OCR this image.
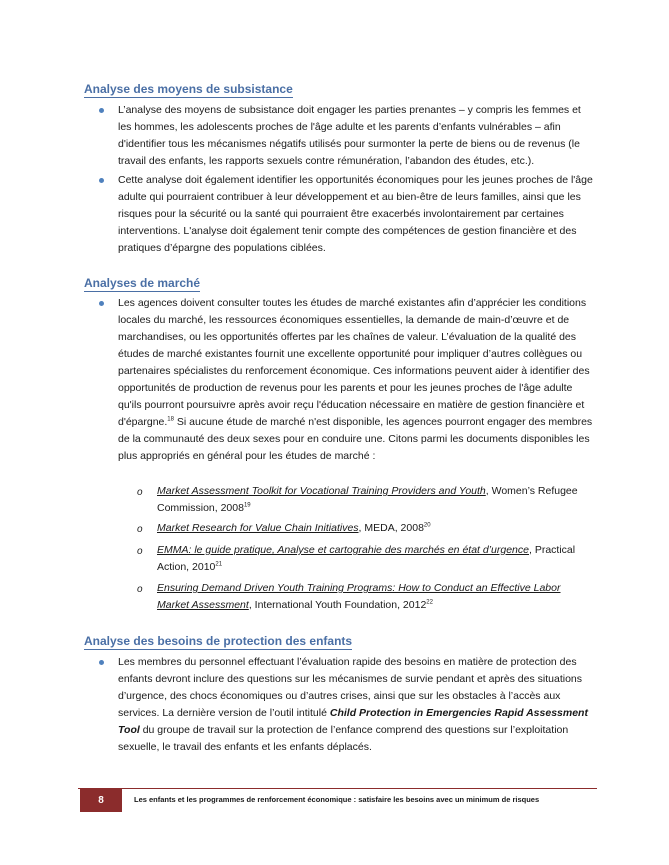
Analyse des moyens de subsistance

L’analyse des moyens de subsistance doit engager les parties prenantes – y compris les femmes et les hommes, les adolescents proches de l'âge adulte et les parents d’enfants vulnérables – afin d'identifier tous les mécanismes négatifs utilisés pour surmonter la perte de biens ou de revenus (le travail des enfants, les rapports sexuels contre rémunération, l’abandon des études, etc.).

Cette analyse doit également identifier les opportunités économiques pour les jeunes proches de l'âge adulte qui pourraient contribuer à leur développement et au bien-être de leurs familles, ainsi que les risques pour la sécurité ou la santé qui pourraient être exacerbés involontairement par certaines interventions. L'analyse doit également tenir compte des compétences de gestion financière et des pratiques d’épargne des populations ciblées.

Analyses de marché

Les agences doivent consulter toutes les études de marché existantes afin d’apprécier les conditions locales du marché, les ressources économiques essentielles, la demande de main-d’œuvre et de marchandises, ou les opportunités offertes par les chaînes de valeur. L’évaluation de la qualité des études de marché existantes fournit une excellente opportunité pour impliquer d’autres collègues ou partenaires spécialistes du renforcement économique. Ces informations peuvent aider à identifier des opportunités de production de revenus pour les parents et pour les jeunes proches de l'âge adulte qu'ils pourront poursuivre après avoir reçu l'éducation nécessaire en matière de gestion financière et d'épargne.$^{18}$ Si aucune étude de marché n'est disponible, les agences pourront engager des membres de la communauté des deux sexes pour en conduire une. Citons parmi les documents disponibles les plus appropriés en général pour les études de marché :

o Market Assessment Toolkit for Vocational Training Providers and Youth, Women’s Refugee Commission, 2008$^{19}$
o Market Research for Value Chain Initiatives, MEDA, 2008$^{20}$
o EMMA: le guide pratique, Analyse et cartograhie des marchés en état d’urgence, Practical Action, 2010$^{21}$
o Ensuring Demand Driven Youth Training Programs: How to Conduct an Effective Labor Market Assessment, International Youth Foundation, 2012$^{22}$
Analyse des besoins de protection des enfants

Les membres du personnel effectuant l’évaluation rapide des besoins en matière de protection des enfants devront inclure des questions sur les mécanismes de survie pendant et après des situations d’urgence, des chocs économiques ou d’autres crises, ainsi que sur les obstacles à l’accès aux services. La dernière version de l’outil intitulé Child Protection in Emergencies Rapid Assessment Tool du groupe de travail sur la protection de l’enfance comprend des questions sur l’exploitation sexuelle, le travail des enfants et les enfants déplacés.

8	Les enfants et les programmes de renforcement économique : satisfaire les besoins avec un minimum de risques
